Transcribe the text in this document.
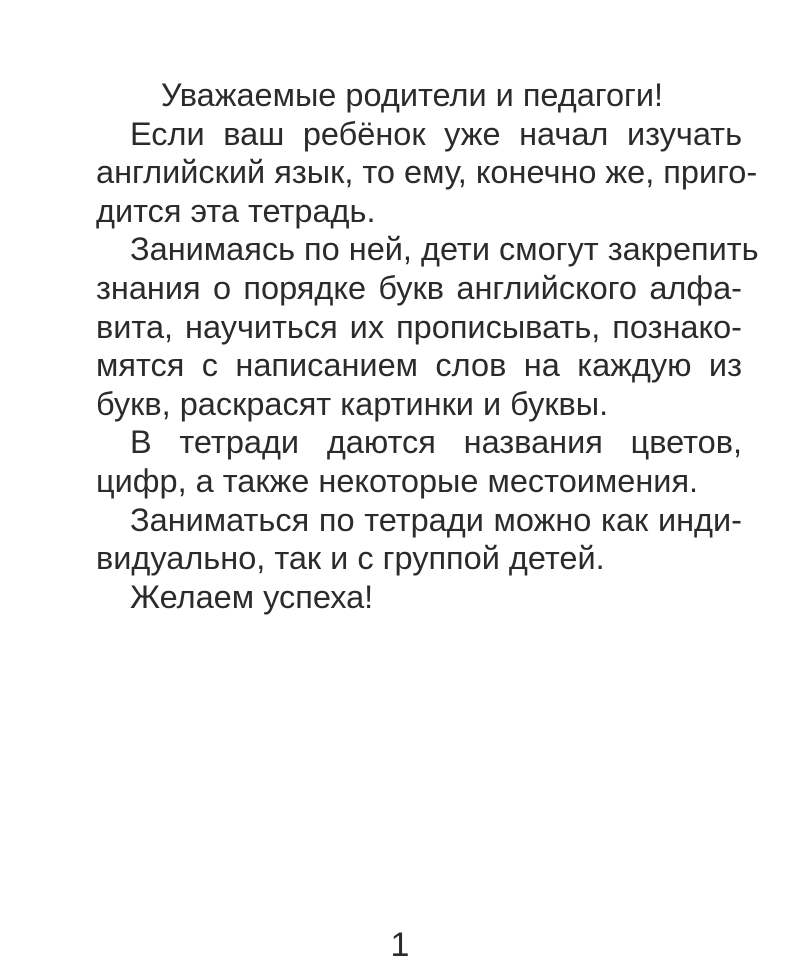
Уважаемые родители и педагоги!

Если ваш ребёнок уже начал изучать
английский язык, то ему, конечно же, приго-
дится эта тетрадь.
Занимаясь по ней, дети смогут закрепить
знания о порядке букв английского алфа-
вита, научиться их прописывать, познако-
мятся с написанием слов на каждую из
букв, раскрасят картинки и буквы.
В тетради даются названия цветов,
цифр, а также некоторые местоимения.
Заниматься по тетради можно как инди-
видуально, так и с группой детей.
Желаем успеха!
1
